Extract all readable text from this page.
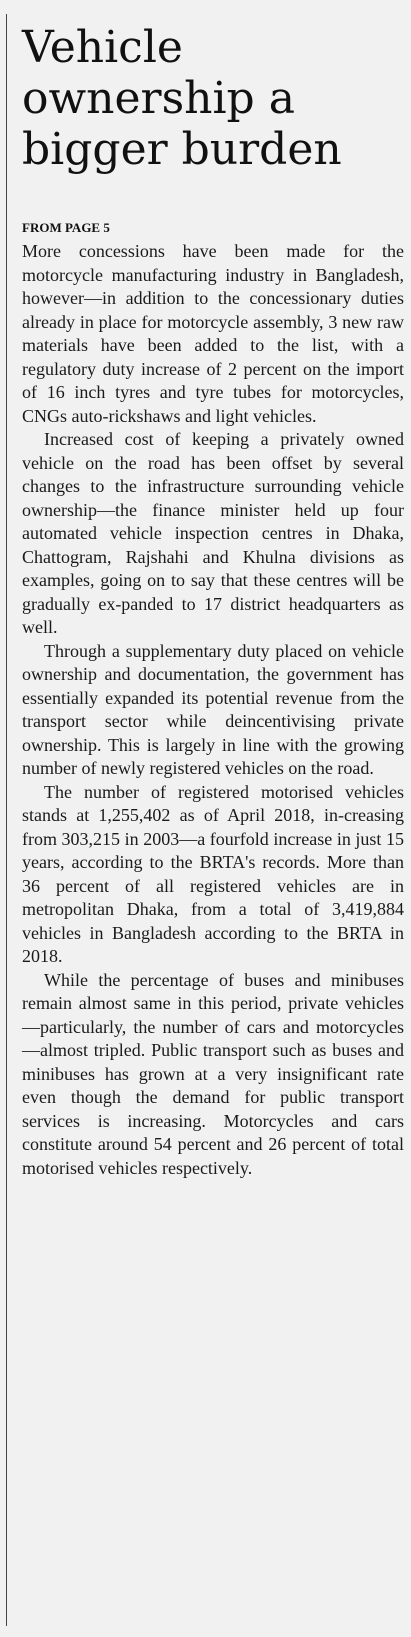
Vehicle
ownership a
bigger burden
FROM PAGE 5

More concessions have been made for the motorcycle manufacturing industry in Bangladesh, however—in addition to the concessionary duties already in place for motorcycle assembly, 3 new raw materials have been added to the list, with a regulatory duty increase of 2 percent on the import of 16 inch tyres and tyre tubes for motorcycles, CNGs auto-rickshaws and light vehicles.

Increased cost of keeping a privately owned vehicle on the road has been offset by several changes to the infrastructure surrounding vehicle ownership—the finance minister held up four automated vehicle inspection centres in Dhaka, Chattogram, Rajshahi and Khulna divisions as examples, going on to say that these centres will be gradually ex-panded to 17 district headquarters as well.

Through a supplementary duty placed on vehicle ownership and documentation, the government has essentially expanded its potential revenue from the transport sector while deincentivising private ownership. This is largely in line with the growing number of newly registered vehicles on the road.

The number of registered motorised vehicles stands at 1,255,402 as of April 2018, in-creasing from 303,215 in 2003—a fourfold increase in just 15 years, according to the BRTA's records. More than 36 percent of all registered vehicles are in metropolitan Dhaka, from a total of 3,419,884 vehicles in Bangladesh according to the BRTA in 2018.

While the percentage of buses and minibuses remain almost same in this period, private vehicles—particularly, the number of cars and motorcycles—almost tripled. Public transport such as buses and minibuses has grown at a very insignificant rate even though the demand for public transport services is increasing. Motorcycles and cars constitute around 54 percent and 26 percent of total motorised vehicles respectively.
